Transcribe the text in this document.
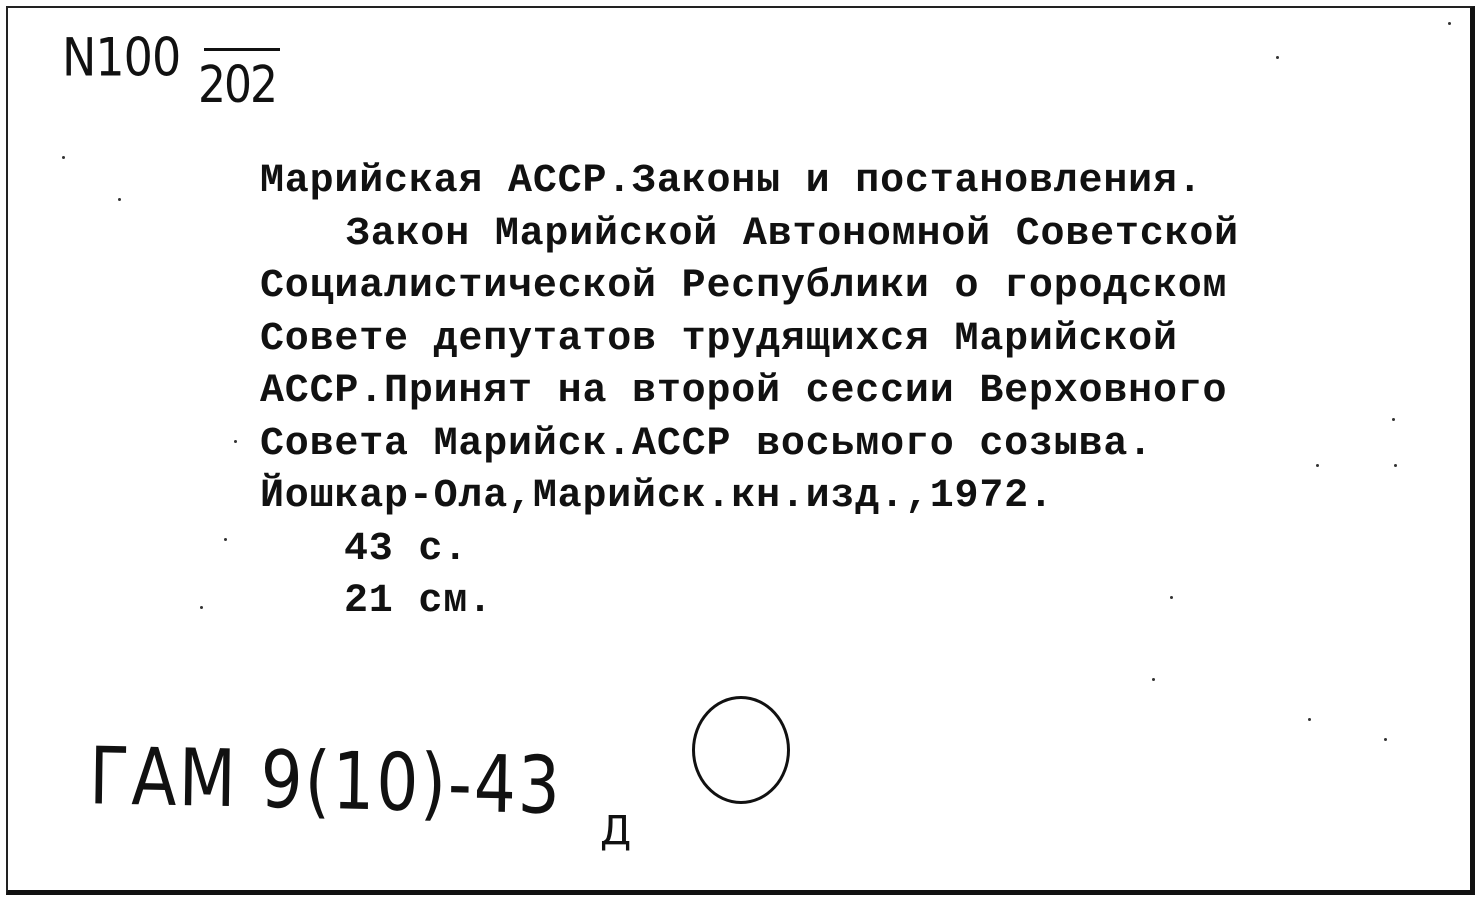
N100 202
Марийская АССР.Законы и постановления.
Закон Марийской Автономной Советской
Социалистической Республики о городском
Совете депутатов трудящихся Марийской
АССР.Принят на второй сессии Верховного
Совета Марийск.АССР восьмого созыва.
Йошкар-Ола,Марийск.кн.изд.,1972.
43 с.
21 см.
ГАМ 9(10)-43 Д
